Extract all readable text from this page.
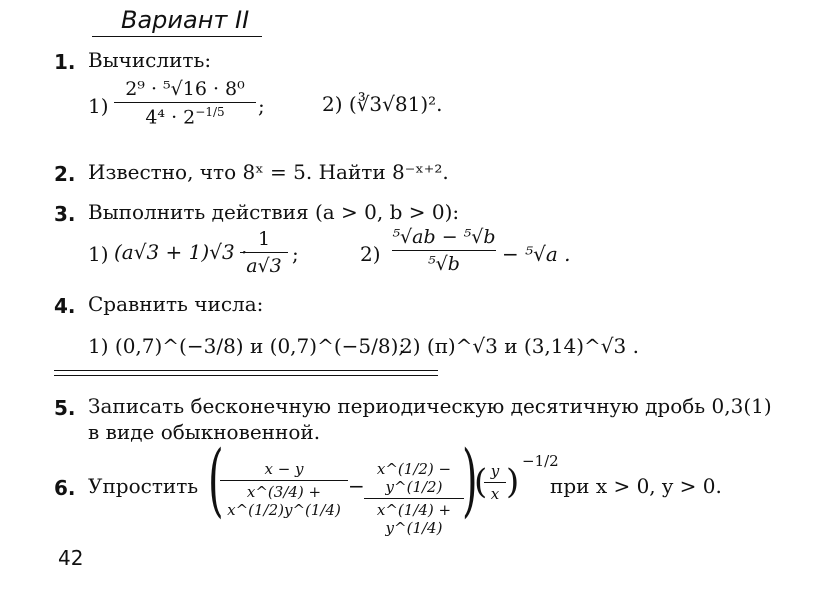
Вариант II
1. Вычислить:
1)
2⁹ · ⁵√16 · 8⁰
$4^4 \cdot 2^{-1/5}$	;	2) (∛3√81)².
2. Известно, что 8ˣ = 5. Найти 8⁻ˣ⁺².
3. Выполнить действия (a > 0, b > 0):
1) (a√3 + 1)√3 ·
1
a√3 ;	2)
⁵√ab − ⁵√b
⁵√b	− ⁵√a .
4. Сравнить числа:
1) (0,7)^(−3/8) и (0,7)^(−5/8);
2) (π)^√3 и (3,14)^√3 .
5. Записать бесконечную периодическую десятичную дробь 0,3(1)
в виде обыкновенной.
6. Упростить (	x − y
x^(3/4) + x^(1/2)y^(1/4)
−
x^(1/2) − y^(1/2)
x^(1/4) + y^(1/4)
)
( y
x )
−1/2
при x > 0, y > 0.
42
